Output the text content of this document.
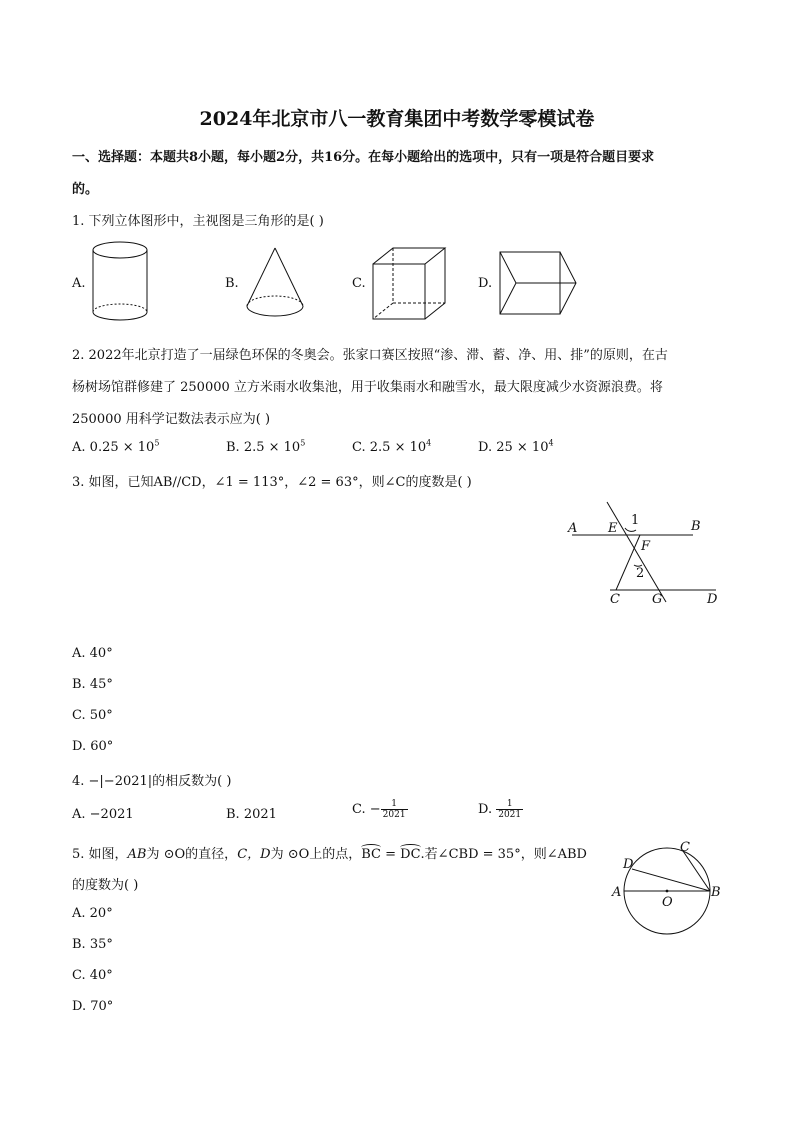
2024年北京市八一教育集团中考数学零模试卷
一、选择题：本题共8小题，每小题2分，共16分。在每小题给出的选项中，只有一项是符合题目要求
的。
1. 下列立体图形中，主视图是三角形的是( )
A.	B.	C.	D.
2. 2022年北京打造了一届绿色环保的冬奥会。张家口赛区按照“渗、滞、蓄、净、用、排”的原则，在古
杨树场馆群修建了 250000 立方米雨水收集池，用于收集雨水和融雪水，最大限度减少水资源浪费。将
250000 用科学记数法表示应为( )
A. $0.25 \times 10^5$	B. $2.5 \times 10^5$	C. $2.5 \times 10^4$	D. $25 \times 10^4$
3. 如图，已知AB//CD，∠1 = 113°，∠2 = 63°，则∠C的度数是( )
A E
1	B
F
2
C G	D
A. 40°
B. 45°
C. 50°
D. 60°
4. −|−2021|的相反数为( )
A. −2021	B. 2021	C. − $\frac{1}{2021}$	D. $\frac{1}{2021}$
5. 如图，AB为 ⊙O的直径，C，D为 ⊙O上的点，BC = DC.若∠CBD = 35°，则∠ABD
的度数为( )
D
C
A
O
B
A. 20°
B. 35°
C. 40°
D. 70°
